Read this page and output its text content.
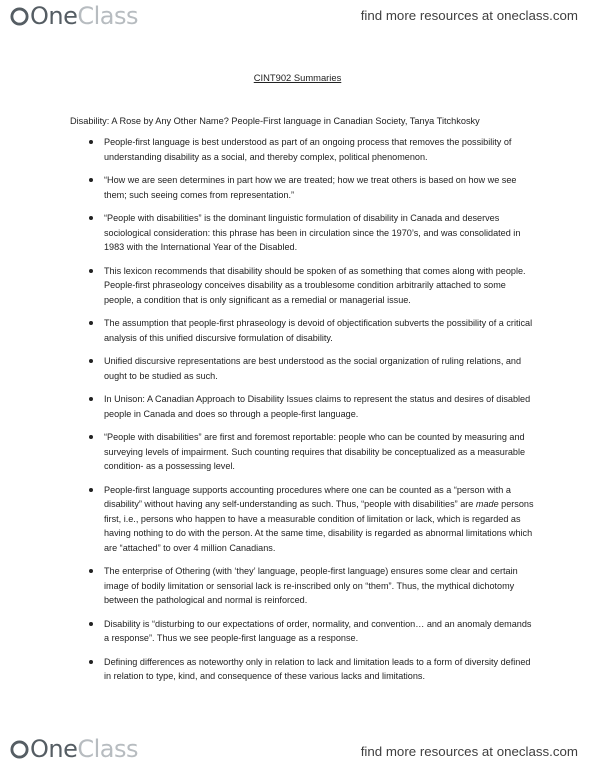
One Class	find more resources at oneclass.com
CINT902 Summaries
Disability: A Rose by Any Other Name? People-First language in Canadian Society, Tanya Titchkosky
People-first language is best understood as part of an ongoing process that removes the possibility of understanding disability as a social, and thereby complex, political phenomenon.
“How we are seen determines in part how we are treated; how we treat others is based on how we see them; such seeing comes from representation.”
“People with disabilities” is the dominant linguistic formulation of disability in Canada and deserves sociological consideration: this phrase has been in circulation since the 1970’s, and was consolidated in 1983 with the International Year of the Disabled.
This lexicon recommends that disability should be spoken of as something that comes along with people. People-first phraseology conceives disability as a troublesome condition arbitrarily attached to some people, a condition that is only significant as a remedial or managerial issue.
The assumption that people-first phraseology is devoid of objectification subverts the possibility of a critical analysis of this unified discursive formulation of disability.
Unified discursive representations are best understood as the social organization of ruling relations, and ought to be studied as such.
In Unison: A Canadian Approach to Disability Issues claims to represent the status and desires of disabled people in Canada and does so through a people-first language.
“People with disabilities” are first and foremost reportable: people who can be counted by measuring and surveying levels of impairment. Such counting requires that disability be conceptualized as a measurable condition- as a possessing level.
People-first language supports accounting procedures where one can be counted as a “person with a disability” without having any self-understanding as such. Thus, “people with disabilities” are made persons first, i.e., persons who happen to have a measurable condition of limitation or lack, which is regarded as having nothing to do with the person. At the same time, disability is regarded as abnormal limitations which are “attached” to over 4 million Canadians.
The enterprise of Othering (with ‘they’ language, people-first language) ensures some clear and certain image of bodily limitation or sensorial lack is re-inscribed only on “them”. Thus, the mythical dichotomy between the pathological and normal is reinforced.
Disability is “disturbing to our expectations of order, normality, and convention… and an anomaly demands a response”. Thus we see people-first language as a response.
Defining differences as noteworthy only in relation to lack and limitation leads to a form of diversity defined in relation to type, kind, and consequence of these various lacks and limitations.
One Class	find more resources at oneclass.com
